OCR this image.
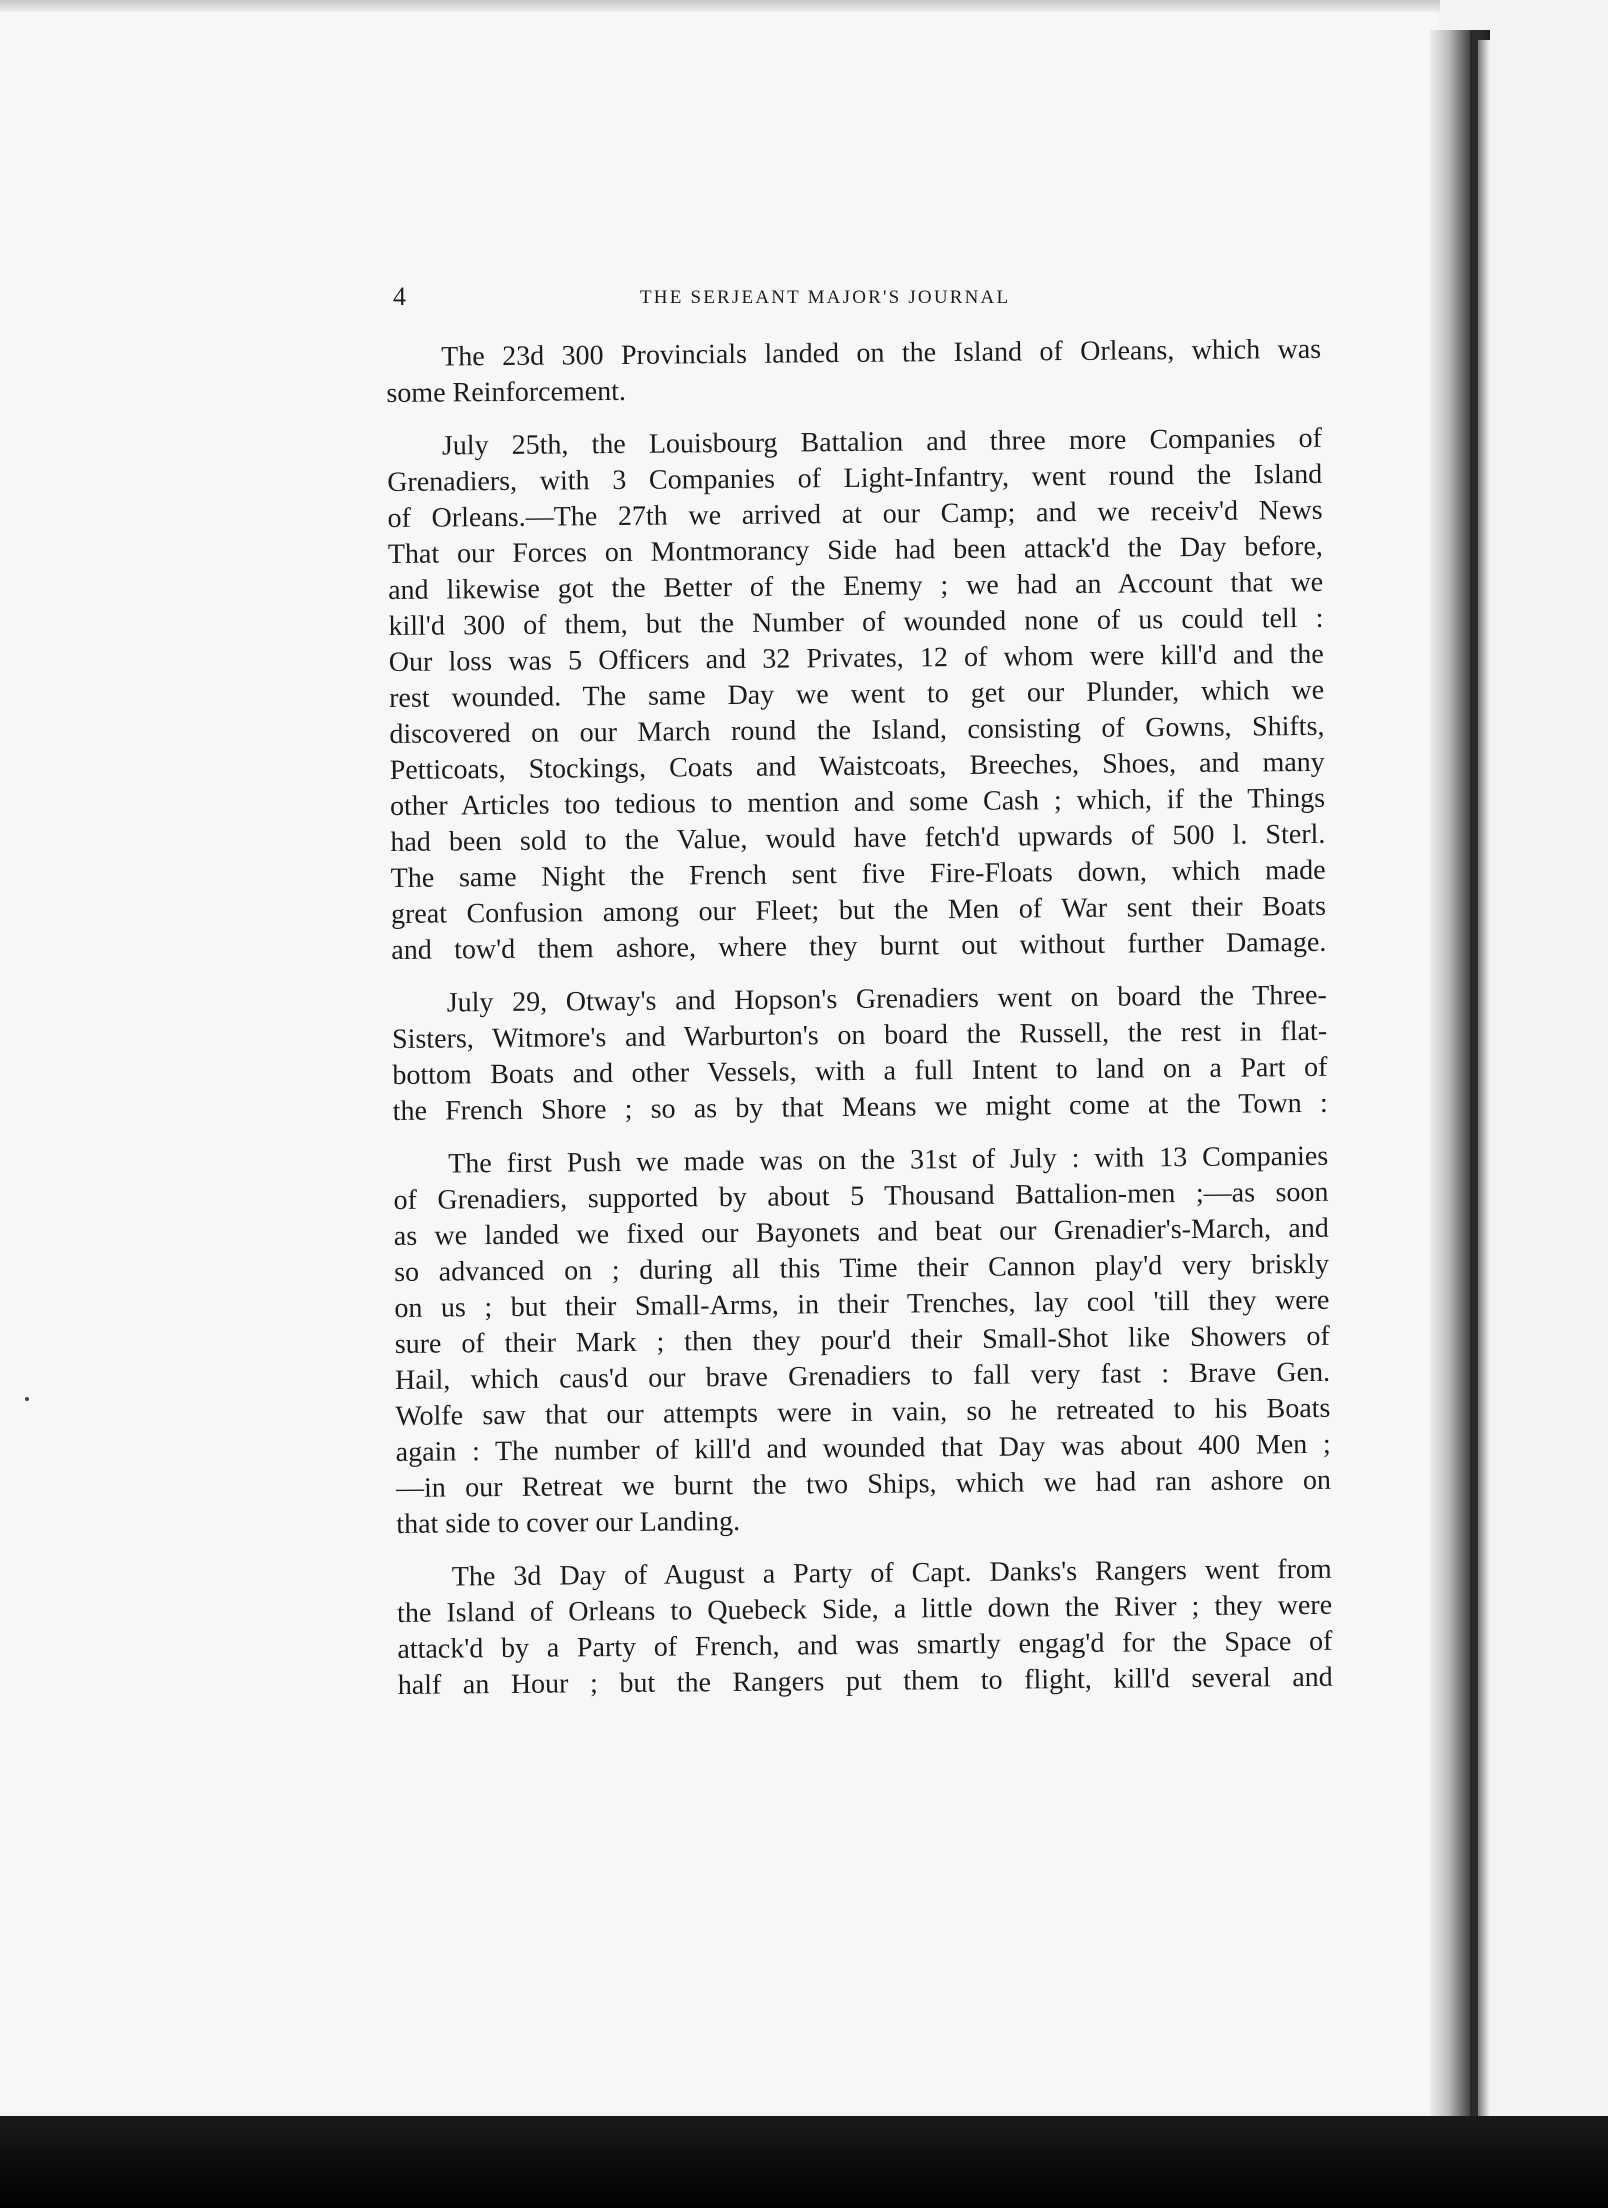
4	THE SERJEANT MAJOR'S JOURNAL

The 23d 300 Provincials landed on the Island of Orleans, which was
some Reinforcement.

July 25th, the Louisbourg Battalion and three more Companies of
Grenadiers, with 3 Companies of Light-Infantry, went round the Island
of Orleans.—The 27th we arrived at our Camp; and we receiv'd News
That our Forces on Montmorancy Side had been attack'd the Day before,
and likewise got the Better of the Enemy ; we had an Account that we
kill'd 300 of them, but the Number of wounded none of us could tell :
Our loss was 5 Officers and 32 Privates, 12 of whom were kill'd and the
rest wounded. The same Day we went to get our Plunder, which we
discovered on our March round the Island, consisting of Gowns, Shifts,
Petticoats, Stockings, Coats and Waistcoats, Breeches, Shoes, and many
other Articles too tedious to mention and some Cash ; which, if the Things
had been sold to the Value, would have fetch'd upwards of 500 l. Sterl.
The same Night the French sent five Fire-Floats down, which made
great Confusion among our Fleet; but the Men of War sent their Boats
and tow'd them ashore, where they burnt out without further Damage.

July 29, Otway's and Hopson's Grenadiers went on board the Three-
Sisters, Witmore's and Warburton's on board the Russell, the rest in flat-
bottom Boats and other Vessels, with a full Intent to land on a Part of
the French Shore ; so as by that Means we might come at the Town :

The first Push we made was on the 31st of July : with 13 Companies
of Grenadiers, supported by about 5 Thousand Battalion-men ;—as soon
as we landed we fixed our Bayonets and beat our Grenadier's-March, and
so advanced on ; during all this Time their Cannon play'd very briskly
on us ; but their Small-Arms, in their Trenches, lay cool 'till they were
sure of their Mark ; then they pour'd their Small-Shot like Showers of
Hail, which caus'd our brave Grenadiers to fall very fast : Brave Gen.
Wolfe saw that our attempts were in vain, so he retreated to his Boats
again : The number of kill'd and wounded that Day was about 400 Men ;
—in our Retreat we burnt the two Ships, which we had ran ashore on
that side to cover our Landing.

The 3d Day of August a Party of Capt. Danks's Rangers went from
the Island of Orleans to Quebeck Side, a little down the River ; they were
attack'd by a Party of French, and was smartly engag'd for the Space of
half an Hour ; but the Rangers put them to flight, kill'd several and
